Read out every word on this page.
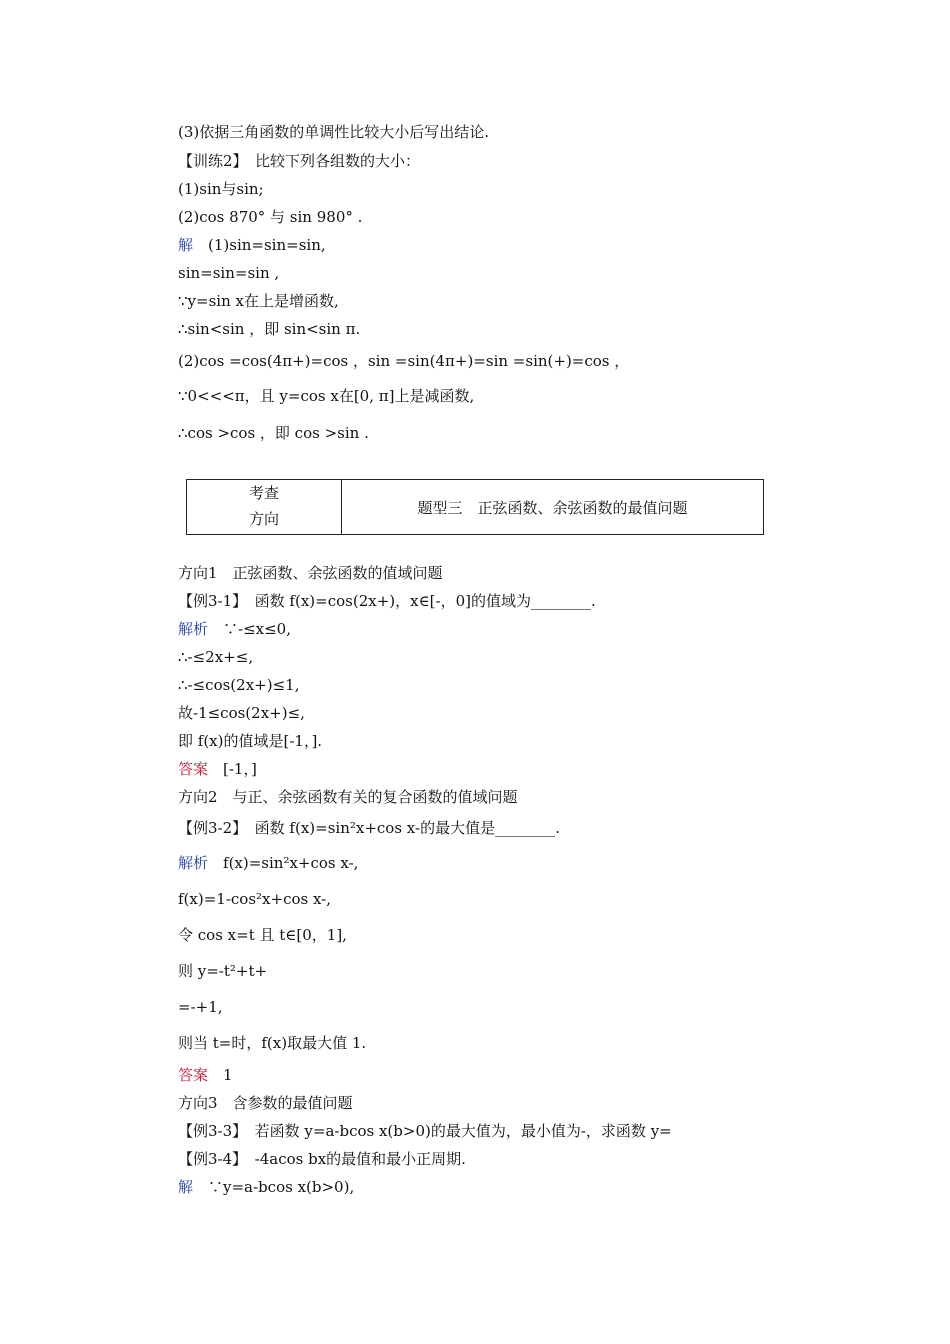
(3)依据三角函数的单调性比较大小后写出结论.
【训练2】　比较下列各组数的大小：
(1)sin与sin;
(2)cos 870° 与 sin 980° .
解　(1)sin=sin=sin,
sin=sin=sin ,
∵y=sin x在上是增函数,
∴sin<sin ，即 sin<sin π.
(2)cos =cos(4π+)=cos ，sin =sin(4π+)=sin =sin(+)=cos ，
∵0<<<π，且 y=cos x在[0, π]上是减函数,
∴cos >cos ，即 cos >sin .
考查
方向
题型三　正弦函数、余弦函数的最值问题
方向1　正弦函数、余弦函数的值域问题
【例3-1】　函数 f(x)=cos(2x+)，x∈[-，0]的值域为________.
解析　∵-≤x≤0,
∴-≤2x+≤,
∴-≤cos(2x+)≤1,
故-1≤cos(2x+)≤,
即 f(x)的值域是[-1，].
答案　[-1，]
方向2　与正、余弦函数有关的复合函数的值域问题
【例3-2】　函数 f(x)=sin²x+cos x-的最大值是________.
解析　f(x)=sin²x+cos x-,
f(x)=1-cos²x+cos x-,
令 cos x=t 且 t∈[0，1],
则 y=-t²+t+
=-+1,
则当 t=时，f(x)取最大值 1.
答案　1
方向3　含参数的最值问题
【例3-3】　若函数 y=a-bcos x(b>0)的最大值为，最小值为-，求函数 y=
【例3-4】　-4acos bx的最值和最小正周期.
解　∵y=a-bcos x(b>0),
